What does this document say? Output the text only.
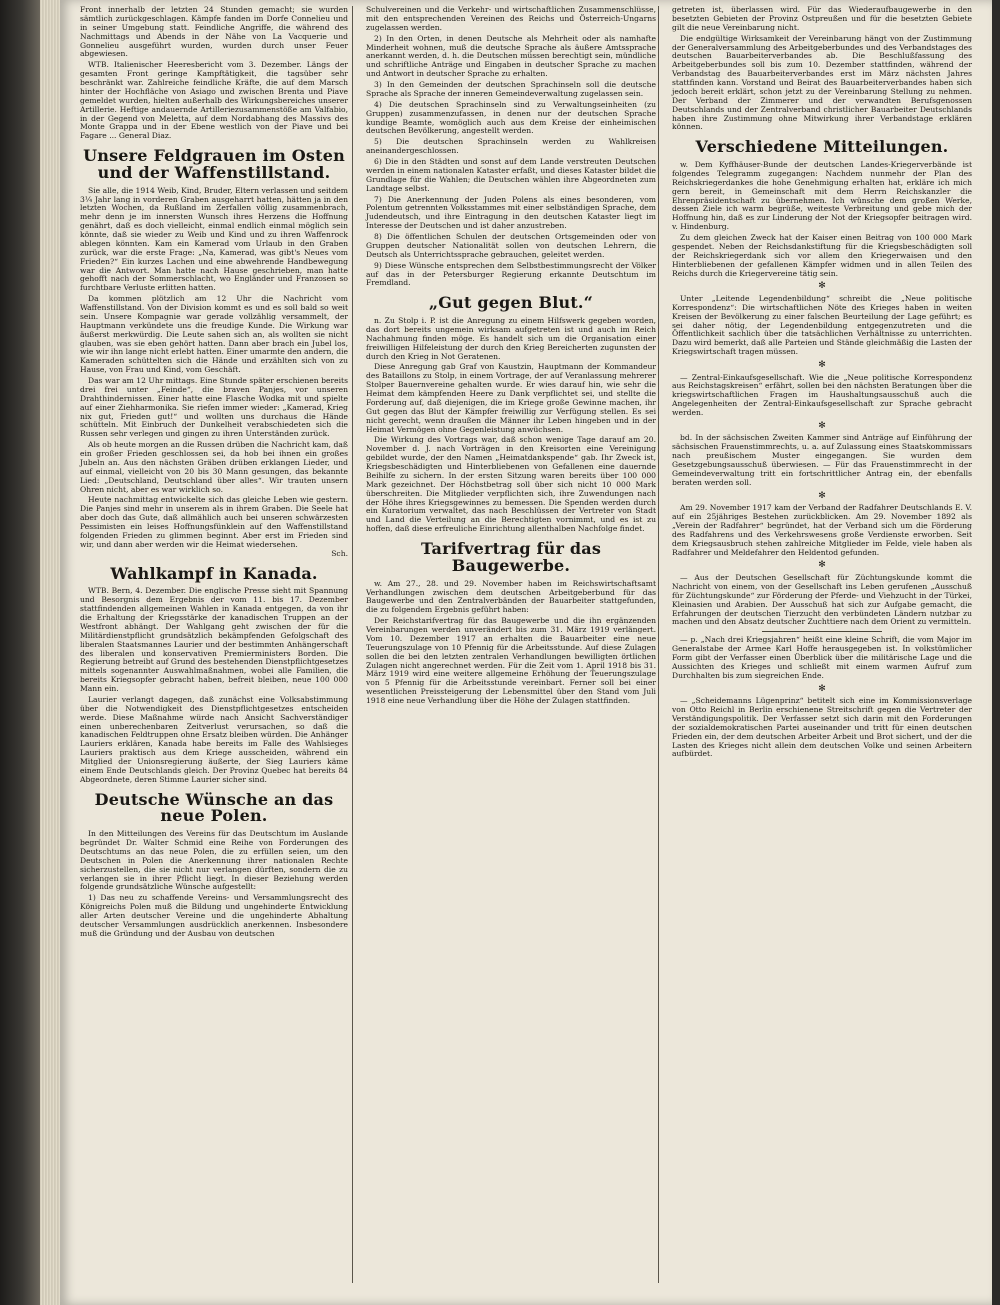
Front innerhalb der letzten 24 Stunden gemacht; sie wurden sämtlich zurückgeschlagen. Kämpfe fanden im Dorfe Connelieu und in seiner Umgebung statt. Feindliche Angriffe, die während des Nachmittags und Abends in der Nähe von La Vacquerie und Gonnelieu ausgeführt wurden, wurden durch unser Feuer abgewiesen.

WTB. Italienischer Heeresbericht vom 3. Dezember. Längs der gesamten Front geringe Kampftätigkeit, die tagsüber sehr beschränkt war. Zahlreiche feindliche Kräfte, die auf dem Marsch hinter der Hochfläche von Asiago und zwischen Brenta und Piave gemeldet wurden, hielten außerhalb des Wirkungsbereiches unserer Artillerie. Heftige andauernde Artilleriezusammenstöße am Valfabio, in der Gegend von Meletta, auf dem Nordabhang des Massivs des Monte Grappa und in der Ebene westlich von der Piave und bei Fagare ... General Diaz.

Unsere Feldgrauen im Osten und der Waffenstillstand.

Sie alle, die 1914 Weib, Kind, Bruder, Eltern verlassen und seitdem 3¼ Jahr lang in vorderen Graben ausgeharrt hatten, hätten ja in den letzten Wochen, da Rußland im Zerfallen völlig zusammenbrach, mehr denn je im innersten Wunsch ihres Herzens die Hoffnung genährt, daß es doch vielleicht, einmal endlich einmal möglich sein könnte, daß sie wieder zu Weib und Kind und zu ihren Waffenrock ablegen könnten. Kam ein Kamerad vom Urlaub in den Graben zurück, war die erste Frage: „Na, Kamerad, was gibt's Neues vom Frieden?“ Ein kurzes Lachen und eine abwehrende Handbewegung war die Antwort. Man hatte nach Hause geschrieben, man hatte gehofft nach der Sommerschlacht, wo Engländer und Franzosen so furchtbare Verluste erlitten hatten.

Da kommen plötzlich am 12 Uhr die Nachricht vom Waffenstillstand. Von der Division kommt es und es soll bald so weit sein. Unsere Kompagnie war gerade vollzählig versammelt, der Hauptmann verkündete uns die freudige Kunde. Die Wirkung war äußerst merkwürdig. Die Leute sahen sich an, als wollten sie nicht glauben, was sie eben gehört hatten. Dann aber brach ein Jubel los, wie wir ihn lange nicht erlebt hatten. Einer umarmte den andern, die Kameraden schüttelten sich die Hände und erzählten sich von zu Hause, von Frau und Kind, vom Geschäft.

Das war am 12 Uhr mittags. Eine Stunde später erschienen bereits drei frei unter „Feinde“, die braven Panjes, vor unseren Drahthindernissen. Einer hatte eine Flasche Wodka mit und spielte auf einer Ziehharmonika. Sie riefen immer wieder: „Kamerad, Krieg nix gut, Frieden gut!“ und wollten uns durchaus die Hände schütteln. Mit Einbruch der Dunkelheit verabschiedeten sich die Russen sehr verlegen und gingen zu ihren Unterständen zurück.

Als ob heute morgen an die Russen drüben die Nachricht kam, daß ein großer Frieden geschlossen sei, da hob bei ihnen ein großes Jubeln an. Aus den nächsten Gräben drüben erklangen Lieder, und auf einmal, vielleicht von 20 bis 30 Mann gesungen, das bekannte Lied: „Deutschland, Deutschland über alles“. Wir trauten unsern Ohren nicht, aber es war wirklich so.

Heute nachmittag entwickelte sich das gleiche Leben wie gestern. Die Panjes sind mehr in unserem als in ihrem Graben. Die Seele hat aber doch das Gute, daß allmählich auch bei unseren schwärzesten Pessimisten ein leises Hoffnungsfünklein auf den Waffenstillstand folgenden Frieden zu glimmen beginnt. Aber erst im Frieden sind wir, und dann aber werden wir die Heimat wiedersehen.

Sch.
Wahlkampf in Kanada.

WTB. Bern, 4. Dezember. Die englische Presse sieht mit Spannung und Besorgnis dem Ergebnis der vom 11. bis 17. Dezember stattfindenden allgemeinen Wahlen in Kanada entgegen, da von ihr die Erhaltung der Kriegsstärke der kanadischen Truppen an der Westfront abhängt. Der Wahlgang geht zwischen der für die Militärdienstpflicht grundsätzlich bekämpfenden Gefolgschaft des liberalen Staatsmannes Laurier und der bestimmten Anhängerschaft des liberalen und konservativen Premierministers Borden. Die Regierung betreibt auf Grund des bestehenden Dienstpflichtgesetzes mittels sogenannter Auswahlmaßnahmen, wobei alle Familien, die bereits Kriegsopfer gebracht haben, befreit bleiben, neue 100 000 Mann ein.

Laurier verlangt dagegen, daß zunächst eine Volksabstimmung über die Notwendigkeit des Dienstpflichtgesetzes entscheiden werde. Diese Maßnahme würde nach Ansicht Sachverständiger einen unberechenbaren Zeitverlust verursachen, so daß die kanadischen Feldtruppen ohne Ersatz bleiben würden. Die Anhänger Lauriers erklären, Kanada habe bereits im Falle des Wahlsieges Lauriers praktisch aus dem Kriege ausscheiden, während ein Mitglied der Unionsregierung äußerte, der Sieg Lauriers käme einem Ende Deutschlands gleich. Der Provinz Quebec hat bereits 84 Abgeordnete, deren Stimme Laurier sicher sind.

Deutsche Wünsche an das neue Polen.

In den Mitteilungen des Vereins für das Deutschtum im Auslande begründet Dr. Walter Schmid eine Reihe von Forderungen des Deutschtums an das neue Polen, die zu erfüllen seien, um den Deutschen in Polen die Anerkennung ihrer nationalen Rechte sicherzustellen, die sie nicht nur verlangen dürften, sondern die zu verlangen sie in ihrer Pflicht liegt. In dieser Beziehung werden folgende grundsätzliche Wünsche aufgestellt:

1) Das neu zu schaffende Vereins- und Versammlungsrecht des Königreichs Polen muß die Bildung und ungehinderte Entwicklung aller Arten deutscher Vereine und die ungehinderte Abhaltung deutscher Versammlungen ausdrücklich anerkennen. Insbesondere muß die Gründung und der Ausbau von deutschen

Schulvereinen und die Verkehr- und wirtschaftlichen Zusammenschlüsse, mit den entsprechenden Vereinen des Reichs und Österreich-Ungarns zugelassen werden.

2) In den Orten, in denen Deutsche als Mehrheit oder als namhafte Minderheit wohnen, muß die deutsche Sprache als äußere Amtssprache anerkannt werden, d. h. die Deutschen müssen berechtigt sein, mündliche und schriftliche Anträge und Eingaben in deutscher Sprache zu machen und Antwort in deutscher Sprache zu erhalten.

3) In den Gemeinden der deutschen Sprachinseln soll die deutsche Sprache als Sprache der inneren Gemeindeverwaltung zugelassen sein.

4) Die deutschen Sprachinseln sind zu Verwaltungseinheiten (zu Gruppen) zusammenzufassen, in denen nur der deutschen Sprache kundige Beamte, womöglich auch aus dem Kreise der einheimischen deutschen Bevölkerung, angestellt werden.

5) Die deutschen Sprachinseln werden zu Wahlkreisen aneinandergeschlossen.

6) Die in den Städten und sonst auf dem Lande verstreuten Deutschen werden in einem nationalen Kataster erfaßt, und dieses Kataster bildet die Grundlage für die Wahlen; die Deutschen wählen ihre Abgeordneten zum Landtage selbst.

7) Die Anerkennung der Juden Polens als eines besonderen, vom Polentum getrennten Volksstammes mit einer selbständigen Sprache, dem Judendeutsch, und ihre Eintragung in den deutschen Kataster liegt im Interesse der Deutschen und ist daher anzustreben.

8) Die öffentlichen Schulen der deutschen Ortsgemeinden oder von Gruppen deutscher Nationalität sollen von deutschen Lehrern, die Deutsch als Unterrichtssprache gebrauchen, geleitet werden.

9) Diese Wünsche entsprechen dem Selbstbestimmungsrecht der Völker auf das in der Petersburger Regierung erkannte Deutschtum im Fremdland.

„Gut gegen Blut.“

n. Zu Stolp i. P. ist die Anregung zu einem Hilfswerk gegeben worden, das dort bereits ungemein wirksam aufgetreten ist und auch im Reich Nachahmung finden möge. Es handelt sich um die Organisation einer freiwilligen Hilfeleistung der durch den Krieg Bereicherten zugunsten der durch den Krieg in Not Geratenen.

Diese Anregung gab Graf von Kaustzin, Hauptmann der Kommandeur des Bataillons zu Stolp, in einem Vortrage, der auf Veranlassung mehrerer Stolper Bauernvereine gehalten wurde. Er wies darauf hin, wie sehr die Heimat dem kämpfenden Heere zu Dank verpflichtet sei, und stellte die Forderung auf, daß diejenigen, die im Kriege große Gewinne machen, ihr Gut gegen das Blut der Kämpfer freiwillig zur Verfügung stellen. Es sei nicht gerecht, wenn draußen die Männer ihr Leben hingeben und in der Heimat Vermögen ohne Gegenleistung anwüchsen.

Die Wirkung des Vortrags war, daß schon wenige Tage darauf am 20. November d. J. nach Vorträgen in den Kreisorten eine Vereinigung gebildet wurde, der den Namen „Heimatdankspende“ gab. Ihr Zweck ist, Kriegsbeschädigten und Hinterbliebenen von Gefallenen eine dauernde Beihilfe zu sichern. In der ersten Sitzung waren bereits über 100 000 Mark gezeichnet. Der Höchstbetrag soll über sich nicht 10 000 Mark überschreiten. Die Mitglieder verpflichten sich, ihre Zuwendungen nach der Höhe ihres Kriegsgewinnes zu bemessen. Die Spenden werden durch ein Kuratorium verwaltet, das nach Beschlüssen der Vertreter von Stadt und Land die Verteilung an die Berechtigten vornimmt, und es ist zu hoffen, daß diese erfreuliche Einrichtung allenthalben Nachfolge findet.

Tarifvertrag für das Baugewerbe.

w. Am 27., 28. und 29. November haben im Reichswirtschaftsamt Verhandlungen zwischen dem deutschen Arbeitgeberbund für das Baugewerbe und den Zentralverbänden der Bauarbeiter stattgefunden, die zu folgendem Ergebnis geführt haben:

Der Reichstarifvertrag für das Baugewerbe und die ihn ergänzenden Vereinbarungen werden unverändert bis zum 31. März 1919 verlängert. Vom 10. Dezember 1917 an erhalten die Bauarbeiter eine neue Teuerungszulage von 10 Pfennig für die Arbeitsstunde. Auf diese Zulagen sollen die bei den letzten zentralen Verhandlungen bewilligten örtlichen Zulagen nicht angerechnet werden. Für die Zeit vom 1. April 1918 bis 31. März 1919 wird eine weitere allgemeine Erhöhung der Teuerungszulage von 5 Pfennig für die Arbeitsstunde vereinbart. Ferner soll bei einer wesentlichen Preissteigerung der Lebensmittel über den Stand vom Juli 1918 eine neue Verhandlung über die Höhe der Zulagen stattfinden.

getreten ist, überlassen wird. Für das Wiederaufbaugewerbe in den besetzten Gebieten der Provinz Ostpreußen und für die besetzten Gebiete gilt die neue Vereinbarung nicht.

Die endgültige Wirksamkeit der Vereinbarung hängt von der Zustimmung der Generalversammlung des Arbeitgeberbundes und des Verbandstages des deutschen Bauarbeiterverbandes ab. Die Beschlußfassung des Arbeitgeberbundes soll bis zum 10. Dezember stattfinden, während der Verbandstag des Bauarbeiterverbandes erst im März nächsten Jahres stattfinden kann. Vorstand und Beirat des Bauarbeiterverbandes haben sich jedoch bereit erklärt, schon jetzt zu der Vereinbarung Stellung zu nehmen. Der Verband der Zimmerer und der verwandten Berufsgenossen Deutschlands und der Zentralverband christlicher Bauarbeiter Deutschlands haben ihre Zustimmung ohne Mitwirkung ihrer Verbandstage erklären können.

Verschiedene Mitteilungen.

w. Dem Kyffhäuser-Bunde der deutschen Landes-Kriegerverbände ist folgendes Telegramm zugegangen: Nachdem nunmehr der Plan des Reichskriegerdankes die hohe Genehmigung erhalten hat, erkläre ich mich gern bereit, in Gemeinschaft mit dem Herrn Reichskanzler die Ehrenpräsidentschaft zu übernehmen. Ich wünsche dem großen Werke, dessen Ziele ich warm begrüße, weiteste Verbreitung und gebe mich der Hoffnung hin, daß es zur Linderung der Not der Kriegsopfer beitragen wird. v. Hindenburg.

Zu dem gleichen Zweck hat der Kaiser einen Beitrag von 100 000 Mark gespendet. Neben der Reichsdankstiftung für die Kriegsbeschädigten soll der Reichskriegerdank sich vor allem den Kriegerwaisen und den Hinterbliebenen der gefallenen Kämpfer widmen und in allen Teilen des Reichs durch die Kriegervereine tätig sein.

✻

Unter „Leitende Legendenbildung“ schreibt die „Neue politische Korrespondenz“: Die wirtschaftlichen Nöte des Krieges haben in weiten Kreisen der Bevölkerung zu einer falschen Beurteilung der Lage geführt; es sei daher nötig, der Legendenbildung entgegenzutreten und die Öffentlichkeit sachlich über die tatsächlichen Verhältnisse zu unterrichten. Dazu wird bemerkt, daß alle Parteien und Stände gleichmäßig die Lasten der Kriegswirtschaft tragen müssen.

✻

— Zentral-Einkaufsgesellschaft. Wie die „Neue politische Korrespondenz aus Reichstagskreisen“ erfährt, sollen bei den nächsten Beratungen über die kriegswirtschaftlichen Fragen im Haushaltungsausschuß auch die Angelegenheiten der Zentral-Einkaufsgesellschaft zur Sprache gebracht werden.

✻

bd. In der sächsischen Zweiten Kammer sind Anträge auf Einführung der sächsischen Frauenstimmrechts, u. a. auf Zulassung eines Staatskommissars nach preußischem Muster eingegangen. Sie wurden dem Gesetzgebungsausschuß überwiesen. — Für das Frauenstimmrecht in der Gemeindeverwaltung tritt ein fortschrittlicher Antrag ein, der ebenfalls beraten werden soll.

✻

Am 29. November 1917 kam der Verband der Radfahrer Deutschlands E. V. auf ein 25jähriges Bestehen zurückblicken. Am 29. November 1892 als „Verein der Radfahrer“ begründet, hat der Verband sich um die Förderung des Radfahrens und des Verkehrswesens große Verdienste erworben. Seit dem Kriegsausbruch stehen zahlreiche Mitglieder im Felde, viele haben als Radfahrer und Meldefahrer den Heldentod gefunden.

✻

— Aus der Deutschen Gesellschaft für Züchtungskunde kommt die Nachricht von einem, von der Gesellschaft ins Leben gerufenen „Ausschuß für Züchtungskunde“ zur Förderung der Pferde- und Viehzucht in der Türkei, Kleinasien und Arabien. Der Ausschuß hat sich zur Aufgabe gemacht, die Erfahrungen der deutschen Tierzucht den verbündeten Ländern nutzbar zu machen und den Absatz deutscher Zuchttiere nach dem Orient zu vermitteln.

— p. „Nach drei Kriegsjahren“ heißt eine kleine Schrift, die vom Major im Generalstabe der Armee Karl Hoffe herausgegeben ist. In volkstümlicher Form gibt der Verfasser einen Überblick über die militärische Lage und die Aussichten des Krieges und schließt mit einem warmen Aufruf zum Durchhalten bis zum siegreichen Ende.

✻

— „Scheidemanns Lügenprinz“ betitelt sich eine im Kommissionsverlage von Otto Reichl in Berlin erschienene Streitschrift gegen die Vertreter der Verständigungspolitik. Der Verfasser setzt sich darin mit den Forderungen der sozialdemokratischen Partei auseinander und tritt für einen deutschen Frieden ein, der dem deutschen Arbeiter Arbeit und Brot sichert, und der die Lasten des Krieges nicht allein dem deutschen Volke und seinen Arbeitern aufbürdet.
